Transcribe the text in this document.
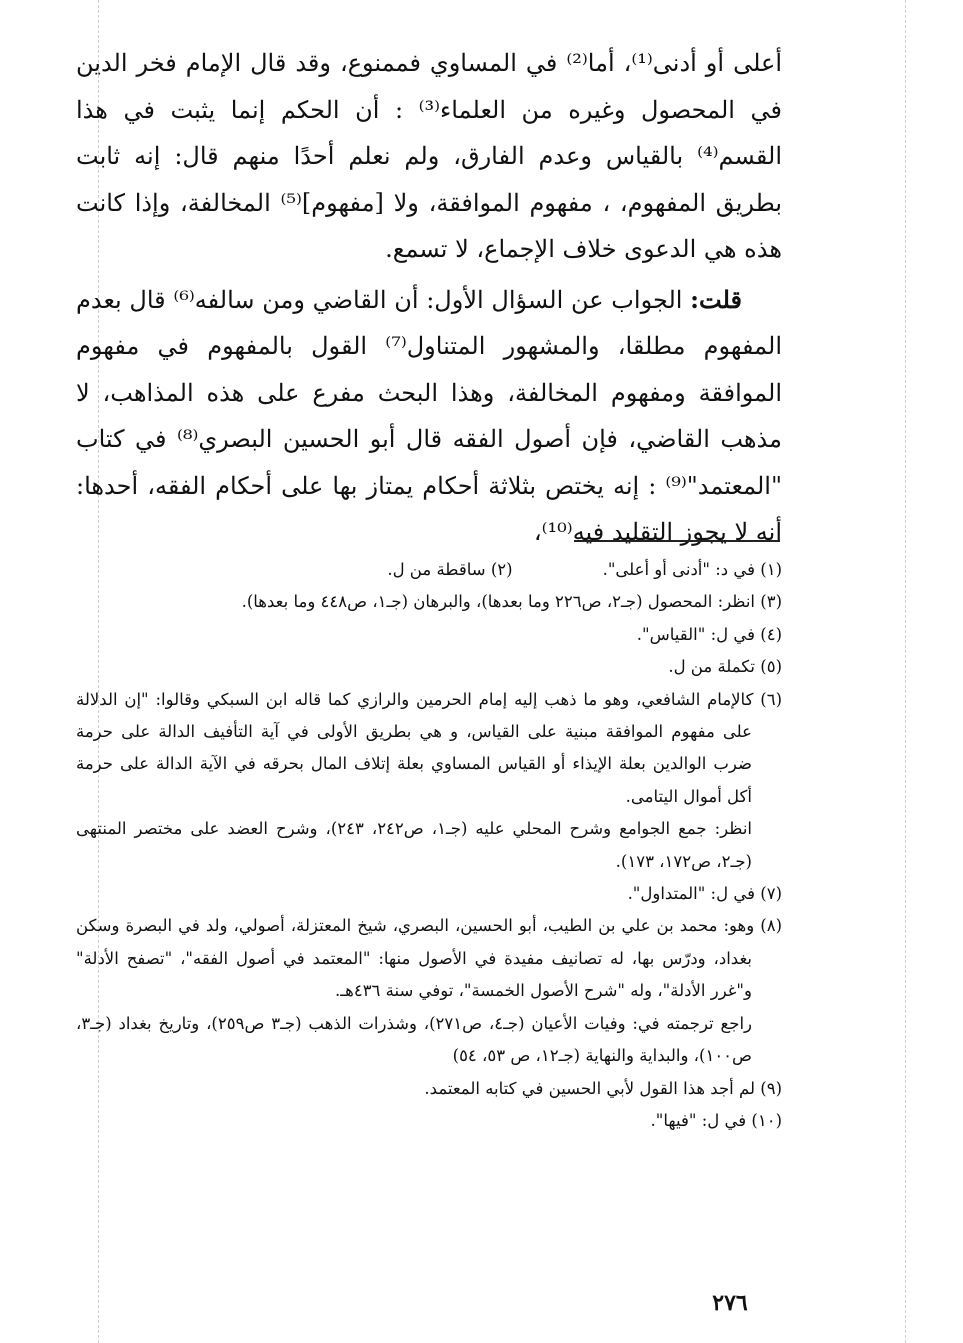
أعلى أو أدنى⁽¹⁾، أما⁽²⁾ في المساوي فممنوع، وقد قال الإمام فخر الدين في المحصول وغيره من العلماء⁽³⁾ : أن الحكم إنما يثبت في هذا القسم⁽⁴⁾ بالقياس وعدم الفارق، ولم نعلم أحدًا منهم قال: إنه ثابت بطريق المفهوم، ، مفهوم الموافقة، ولا [مفهوم]⁽⁵⁾ المخالفة، وإذا كانت هذه هي الدعوى خلاف الإجماع، لا تسمع.

قلت: الجواب عن السؤال الأول: أن القاضي ومن سالفه⁽⁶⁾ قال بعدم المفهوم مطلقا، والمشهور المتناول⁽⁷⁾ القول بالمفهوم في مفهوم الموافقة ومفهوم المخالفة، وهذا البحث مفرع على هذه المذاهب، لا مذهب القاضي، فإن أصول الفقه قال أبو الحسين البصري⁽⁸⁾ في كتاب "المعتمد"⁽⁹⁾ : إنه يختص بثلاثة أحكام يمتاز بها على أحكام الفقه، أحدها: أنه لا يجوز التقليد فيه⁽¹⁰⁾،

(١) في د: "أدنى أو أعلى".
(٢) ساقطة من ل.
(٣) انظر: المحصول (جـ٢، ص٢٢٦ وما بعدها)، والبرهان (جـ١، ص٤٤٨ وما بعدها).
(٤) في ل: "القياس".
(٥) تكملة من ل.
(٦) كالإمام الشافعي، وهو ما ذهب إليه إمام الحرمين والرازي كما قاله ابن السبكي وقالوا: "إن الدلالة على مفهوم الموافقة مبنية على القياس، و هي بطريق الأولى في آية التأفيف الدالة على حرمة ضرب الوالدين بعلة الإيذاء أو القياس المساوي بعلة إتلاف المال بحرقه في الآية الدالة على حرمة أكل أموال اليتامى.
انظر: جمع الجوامع وشرح المحلي عليه (جـ١، ص٢٤٢، ٢٤٣)، وشرح العضد على مختصر المنتهى (جـ٢، ص١٧٢، ١٧٣).
(٧) في ل: "المتداول".
(٨) وهو: محمد بن علي بن الطيب، أبو الحسين، البصري، شيخ المعتزلة، أصولي، ولد في البصرة وسكن بغداد، ودرّس بها، له تصانيف مفيدة في الأصول منها: "المعتمد في أصول الفقه"، "تصفح الأدلة" و"غرر الأدلة"، وله "شرح الأصول الخمسة"، توفي سنة ٤٣٦هـ.
راجع ترجمته في: وفيات الأعيان (جـ٤، ص٢٧١)، وشذرات الذهب (جـ٣ ص٢٥٩)، وتاريخ بغداد (جـ٣، ص١٠٠)، والبداية والنهاية (جـ١٢، ص ٥٣، ٥٤)
(٩) لم أجد هذا القول لأبي الحسين في كتابه المعتمد.
(١٠) في ل: "فيها".
٢٧٦
